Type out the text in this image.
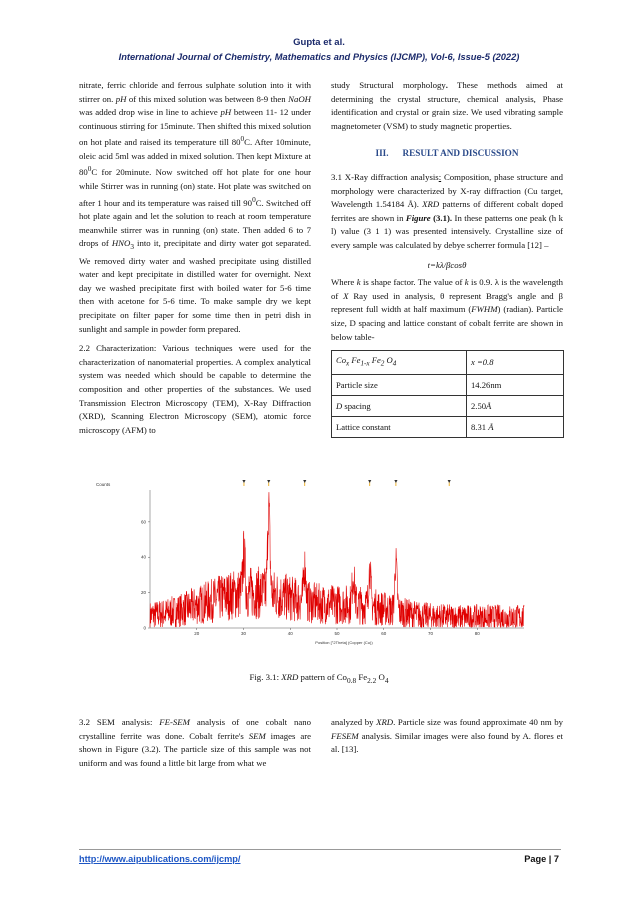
Gupta et al.
International Journal of Chemistry, Mathematics and Physics (IJCMP), Vol-6, Issue-5 (2022)

nitrate, ferric chloride and ferrous sulphate solution into it with stirrer on. pH of this mixed solution was between 8-9 then NaOH was added drop wise in line to achieve pH between 11- 12 under continuous stirring for 15minute. Then shifted this mixed solution on hot plate and raised its temperature till $80^0C$. After 10minute, oleic acid 5ml was added in mixed solution. Then kept Mixture at $80^0C$ for 20minute. Now switched off hot plate for one hour while Stirrer was in running (on) state. Hot plate was switched on after 1 hour and its temperature was raised till $90^0C$. Switched off hot plate again and let the solution to reach at room temperature meanwhile stirrer was in running (on) state. Then added 6 to 7 drops of $HNO_3$ into it, precipitate and dirty water got separated. We removed dirty water and washed precipitate using distilled water and kept precipitate in distilled water for overnight. Next day we washed precipitate first with boiled water for 5-6 time then with acetone for 5-6 time. To make sample dry we kept precipitate on filter paper for some time then in petri dish in sunlight and sample in powder form prepared.

2.2 Characterization: Various techniques were used for the characterization of nanomaterial properties. A complex analytical system was needed which should be capable to determine the composition and other properties of the substances. We used Transmission Electron Microscopy (TEM), X-Ray Diffraction (XRD), Scanning Electron Microscopy (SEM), atomic force microscopy (AFM) to

study Structural morphology. These methods aimed at determining the crystal structure, chemical analysis, Phase identification and crystal or grain size. We used vibrating sample magnetometer (VSM) to study magnetic properties.

III. RESULT AND DISCUSSION

3.1 X-Ray diffraction analysis: Composition, phase structure and morphology were characterized by X-ray diffraction (Cu target, Wavelength 1.54184 Å). XRD patterns of different cobalt doped ferrites are shown in Figure (3.1). In these patterns one peak (h k l) value (3 1 1) was presented intensively. Crystalline size of every sample was calculated by debye scherrer formula [12] –

t=kλ/βcosθ

Where k is shape factor. The value of k is 0.9. λ is the wavelength of X Ray used in analysis, θ represent Bragg's angle and β represent full width at half maximum (FWHM) (radian). Particle size, D spacing and lattice constant of cobalt ferrite are shown in below table-

$Co_x$ $Fe_{1-x}$ $Fe_2$ $O_4$	x =0.8
Particle size	14.26nm
D spacing	2.50Å
Lattice constant	8.31 Å
0
20
40
60
20	30	40	50	60	70	80
Counts
Position [°2Theta] (Copper (Cu))
Fig. 3.1: XRD pattern of $Co_{0.8}$ $Fe_{2.2}$ $O_4$
3.2 SEM analysis: FE-SEM analysis of one cobalt nano crystalline ferrite was done. Cobalt ferrite's SEM images are shown in Figure (3.2). The particle size of this sample was not uniform and was found a little bit large from what we
analyzed by XRD. Particle size was found approximate 40 nm by FESEM analysis. Similar images were also found by A. flores et al. [13].
http://www.aipublications.com/ijcmp/	Page | 7
